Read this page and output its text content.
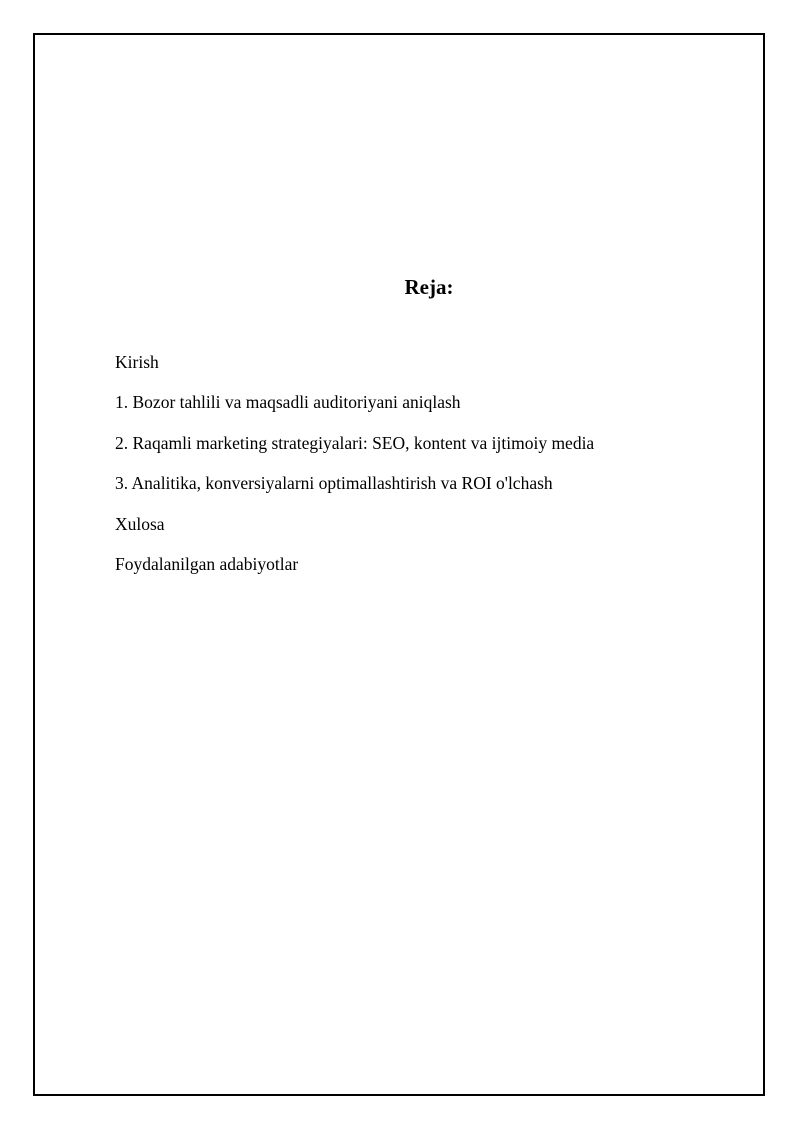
Reja:
Kirish
1. Bozor tahlili va maqsadli auditoriyani aniqlash
2. Raqamli marketing strategiyalari: SEO, kontent va ijtimoiy media
3. Analitika, konversiyalarni optimallashtirish va ROI o'lchash
Xulosa
Foydalanilgan adabiyotlar
